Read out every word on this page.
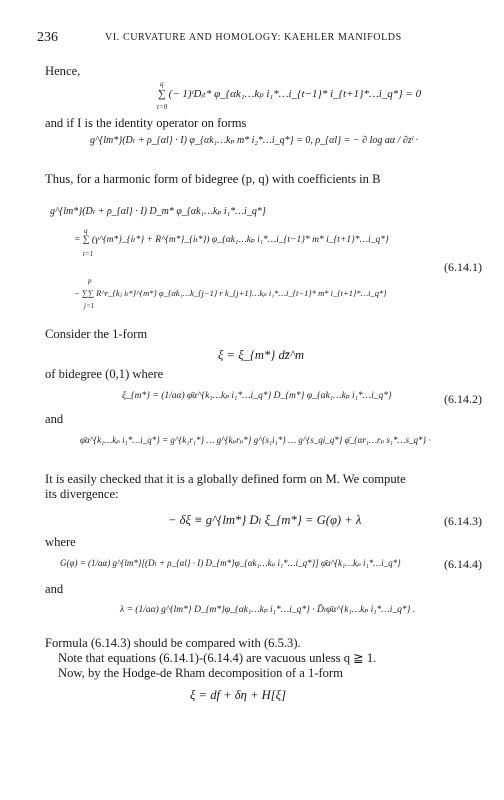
236	VI. CURVATURE AND HOMOLOGY: KAEHLER MANIFOLDS
Hence,
∑ (− 1)ᵗDᵢₜ* φ_{αk₁…kₚ i₁*…i_{t−1}* i_{t+1}*…i_q*} = 0
q
t=0
and if I is the identity operator on forms
g^{lm*}(Dₗ + ρ_{αl} · I) φ_{αk₁…kₚ m* i₂*…i_q*} = 0, ρ_{αl} = − ∂ log aα / ∂zˡ ·
Thus, for a harmonic form of bidegree (p, q) with coefficients in B
g^{lm*}(Dₗ + ρ_{αl} · I) D_m* φ_{αk₁…kₚ i₁*…i_q*}
= ∑ (γ^{m*}_{iₜ*} + R^{m*}_{iₜ*}) φ_{αk₁…kₚ i₁*…i_{t−1}* m* i_{t+1}*…i_q*}
q
t=1
(6.14.1)
− ∑∑ R^r_{kⱼ iₜ*}^{m*} φ_{αk₁…k_{j−1} r k_{j+1}…kₚ i₁*…i_{t−1}* m* i_{t+1}*…i_q*}
p
j=1
Consider the 1-form
ξ = ξ_{m*} dz̄^m
of bidegree (0,1) where
ξ_{m*} = (1/aα) φ̄α^{k₁…kₚ i₁*…i_q*} D_{m*} φ_{αk₁…kₚ i₁*…i_q*}	(6.14.2)
and
φ̄α^{k₁…kₚ i₁*…i_q*} = g^{k₁r₁*} … g^{kₚrₚ*} g^{s₁i₁*} … g^{s_qi_q*} φ̄_{αr₁…rₚ s₁*…s_q*} ·
It is easily checked that it is a globally defined form on M. We compute
its divergence:
− δξ ≡ g^{lm*} Dₗ ξ_{m*} = G(φ) + λ	(6.14.3)
where
G(φ) = (1/aα) g^{lm*}[(Dₗ + ρ_{αl} · I) D_{m*}φ_{αk₁…kₚ i₁*…i_q*}] φ̄α^{k₁…kₚ i₁*…i_q*}	(6.14.4)
and
λ = (1/aα) g^{lm*} D_{m*}φ_{αk₁…kₚ i₁*…i_q*} · D̄ₗφ̄α^{k₁…kₚ i₁*…i_q*} .
Formula (6.14.3) should be compared with (6.5.3).
Note that equations (6.14.1)-(6.14.4) are vacuous unless q ≧ 1.
Now, by the Hodge-de Rham decomposition of a 1-form
ξ = df + δη + H[ξ]
